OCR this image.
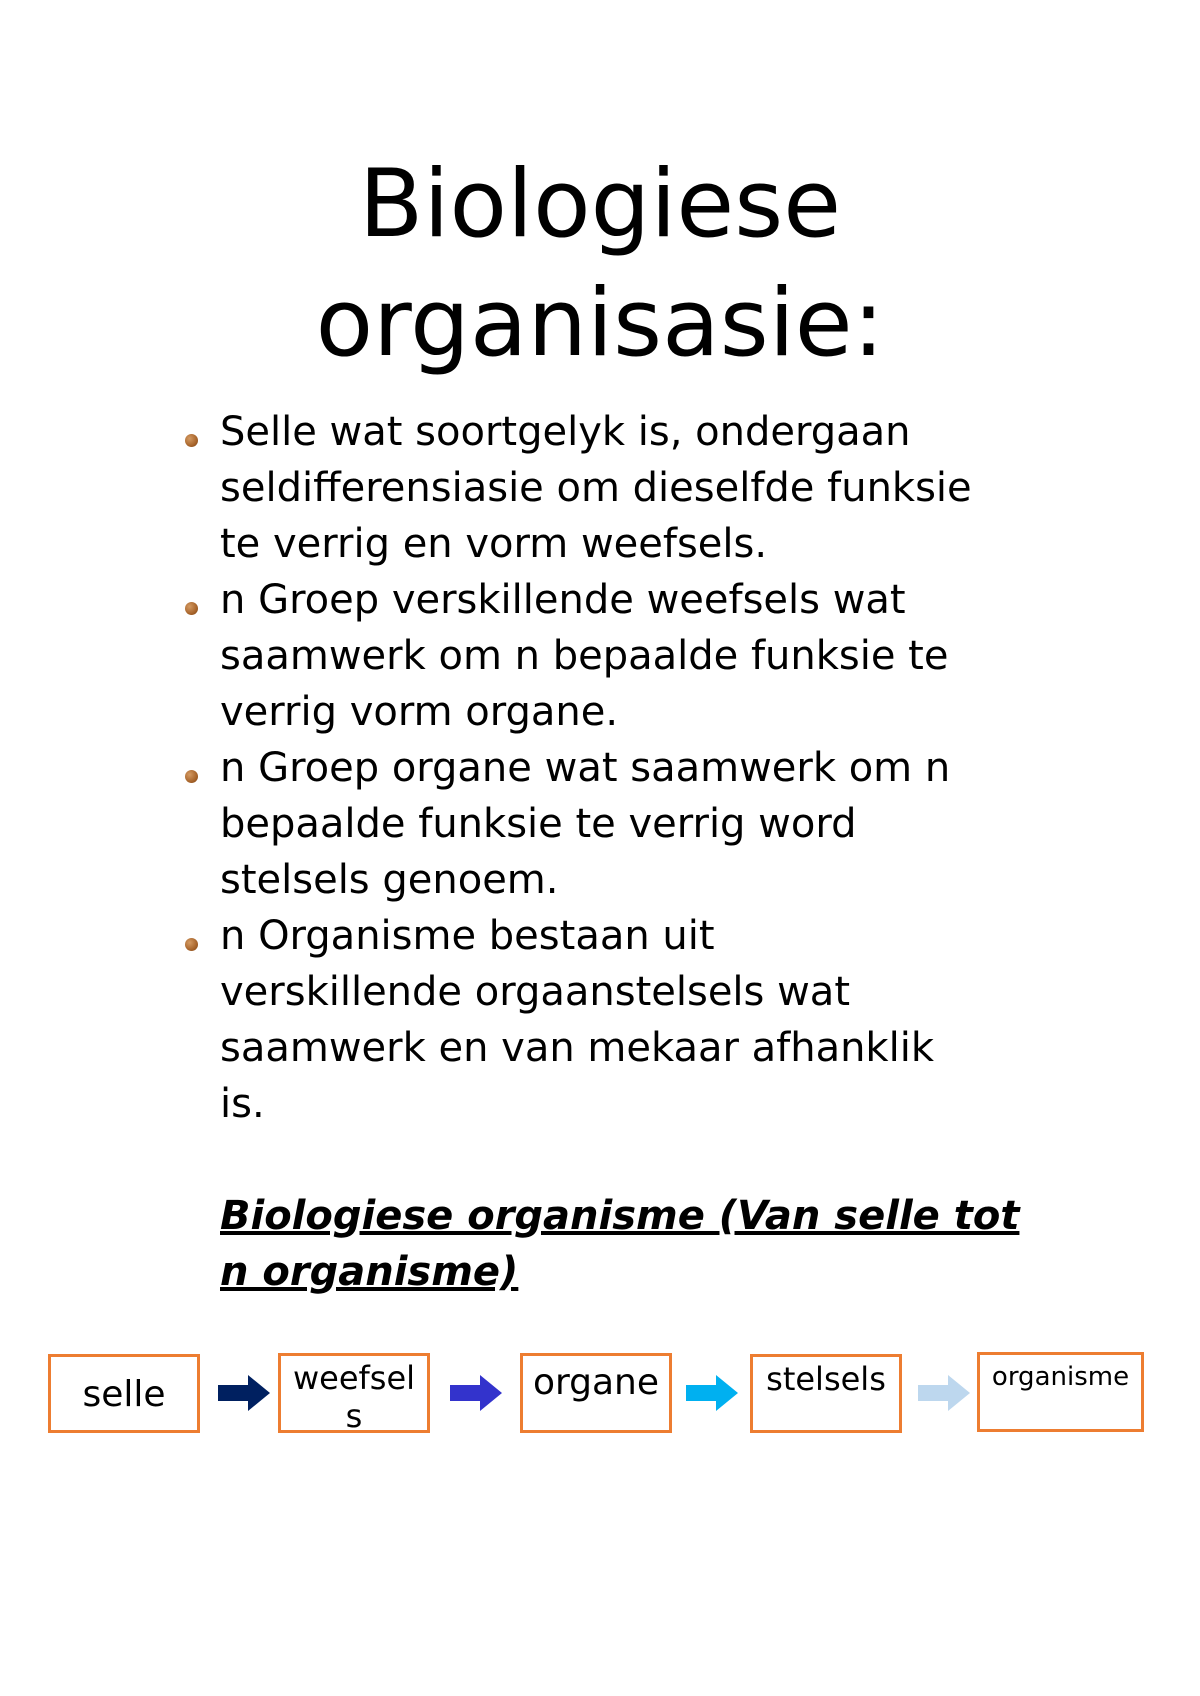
Biologiese
organisasie:

Selle wat soortgelyk is, ondergaan
seldifferensiasie om dieselfde funksie
te verrig en vorm weefsels.

n Groep verskillende weefsels wat
saamwerk om n bepaalde funksie te
verrig vorm organe.

n Groep organe wat saamwerk om n
bepaalde funksie te verrig word
stelsels genoem.

n Organisme bestaan uit
verskillende orgaanstelsels wat
saamwerk en van mekaar afhanklik
is.

Biologiese organisme (Van selle tot n organisme)

selle	weefsels
organe	stelsels	organisme
